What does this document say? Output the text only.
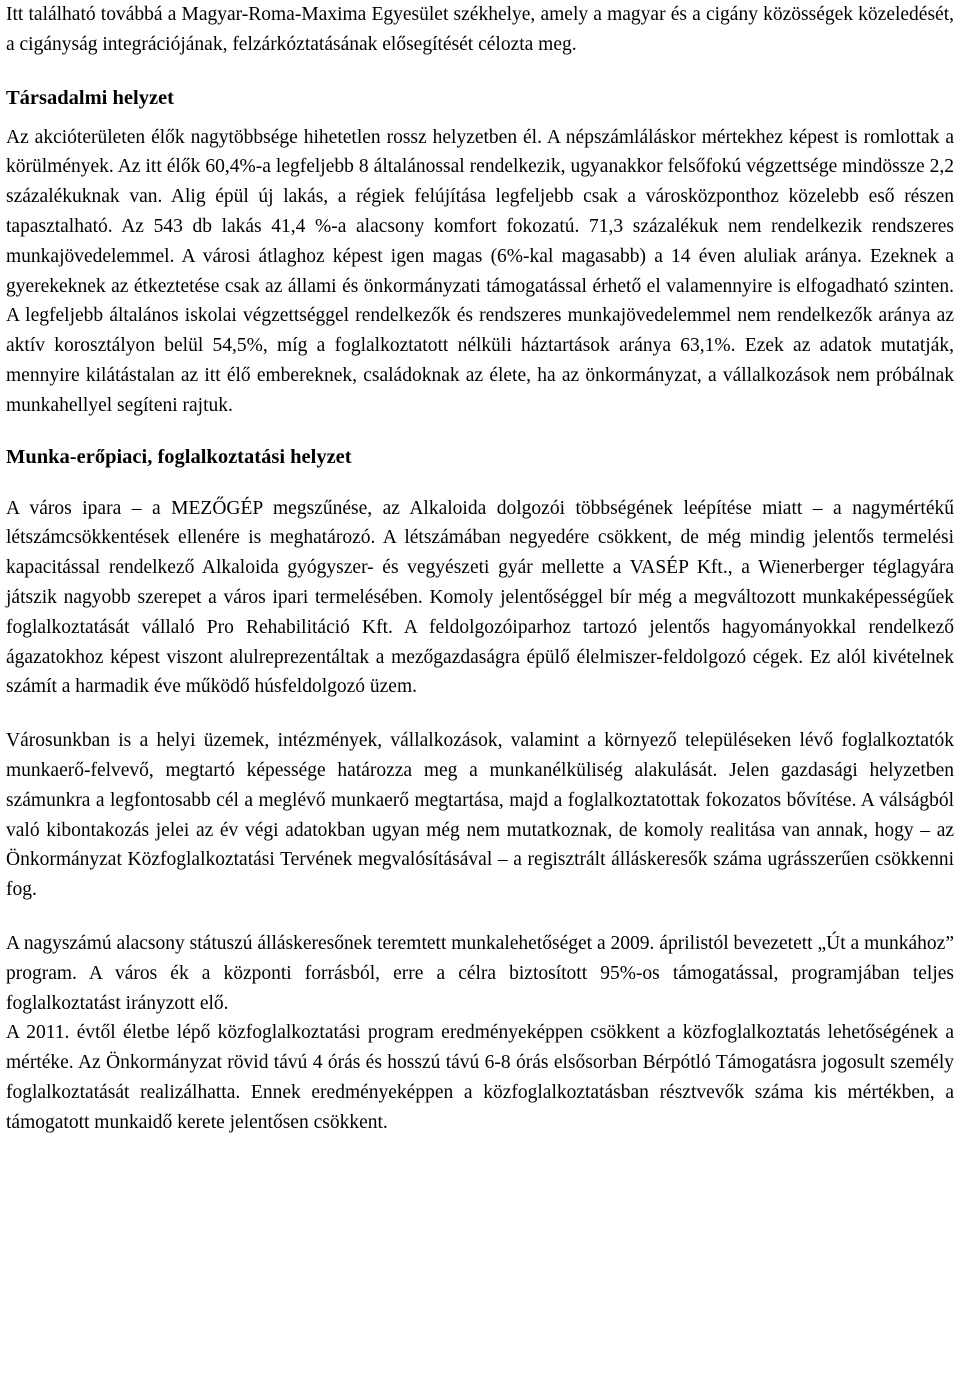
Itt található továbbá a Magyar-Roma-Maxima Egyesület székhelye, amely a magyar és a cigány közösségek közeledését, a cigányság integrációjának, felzárkóztatásának elősegítését célozta meg.

Társadalmi helyzet

Az akcióterületen élők nagytöbbsége hihetetlen rossz helyzetben él. A népszámláláskor mértekhez képest is romlottak a körülmények. Az itt élők 60,4%-a legfeljebb 8 általánossal rendelkezik, ugyanakkor felsőfokú végzettsége mindössze 2,2 százalékuknak van. Alig épül új lakás, a régiek felújítása legfeljebb csak a városközponthoz közelebb eső részen tapasztalható. Az 543 db lakás 41,4 %-a alacsony komfort fokozatú. 71,3 százalékuk nem rendelkezik rendszeres munkajövedelemmel. A városi átlaghoz képest igen magas (6%-kal magasabb) a 14 éven aluliak aránya. Ezeknek a gyerekeknek az étkeztetése csak az állami és önkormányzati támogatással érhető el valamennyire is elfogadható szinten. A legfeljebb általános iskolai végzettséggel rendelkezők és rendszeres munkajövedelemmel nem rendelkezők aránya az aktív korosztályon belül 54,5%, míg a foglalkoztatott nélküli háztartások aránya 63,1%. Ezek az adatok mutatják, mennyire kilátástalan az itt élő embereknek, családoknak az élete, ha az önkormányzat, a vállalkozások nem próbálnak munkahellyel segíteni rajtuk.

Munka-erőpiaci, foglalkoztatási helyzet

A város ipara – a MEZŐGÉP megszűnése, az Alkaloida dolgozói többségének leépítése miatt – a nagymértékű létszámcsökkentések ellenére is meghatározó. A létszámában negyedére csökkent, de még mindig jelentős termelési kapacitással rendelkező Alkaloida gyógyszer- és vegyészeti gyár mellette a VASÉP Kft., a Wienerberger téglagyára játszik nagyobb szerepet a város ipari termelésében. Komoly jelentőséggel bír még a megváltozott munkaképességűek foglalkoztatását vállaló Pro Rehabilitáció Kft. A feldolgozóiparhoz tartozó jelentős hagyományokkal rendelkező ágazatokhoz képest viszont alulreprezentáltak a mezőgazdaságra épülő élelmiszer-feldolgozó cégek. Ez alól kivételnek számít a harmadik éve működő húsfeldolgozó üzem.

Városunkban is a helyi üzemek, intézmények, vállalkozások, valamint a környező településeken lévő foglalkoztatók munkaerő-felvevő, megtartó képessége határozza meg a munkanélküliség alakulását. Jelen gazdasági helyzetben számunkra a legfontosabb cél a meglévő munkaerő megtartása, majd a foglalkoztatottak fokozatos bővítése. A válságból való kibontakozás jelei az év végi adatokban ugyan még nem mutatkoznak, de komoly realitása van annak, hogy – az Önkormányzat Közfoglalkoztatási Tervének megvalósításával – a regisztrált álláskeresők száma ugrásszerűen csökkenni fog.

A nagyszámú alacsony státuszú álláskeresőnek teremtett munkalehetőséget a 2009. áprilistól bevezetett „Út a munkához” program. A város ék a központi forrásból, erre a célra biztosított 95%-os támogatással, programjában teljes foglalkoztatást irányzott elő.

A 2011. évtől életbe lépő közfoglalkoztatási program eredményeképpen csökkent a közfoglalkoztatás lehetőségének a mértéke. Az Önkormányzat rövid távú 4 órás és hosszú távú 6-8 órás elsősorban Bérpótló Támogatásra jogosult személy foglalkoztatását realizálhatta. Ennek eredményeképpen a közfoglalkoztatásban résztvevők száma kis mértékben, a támogatott munkaidő kerete jelentősen csökkent.
